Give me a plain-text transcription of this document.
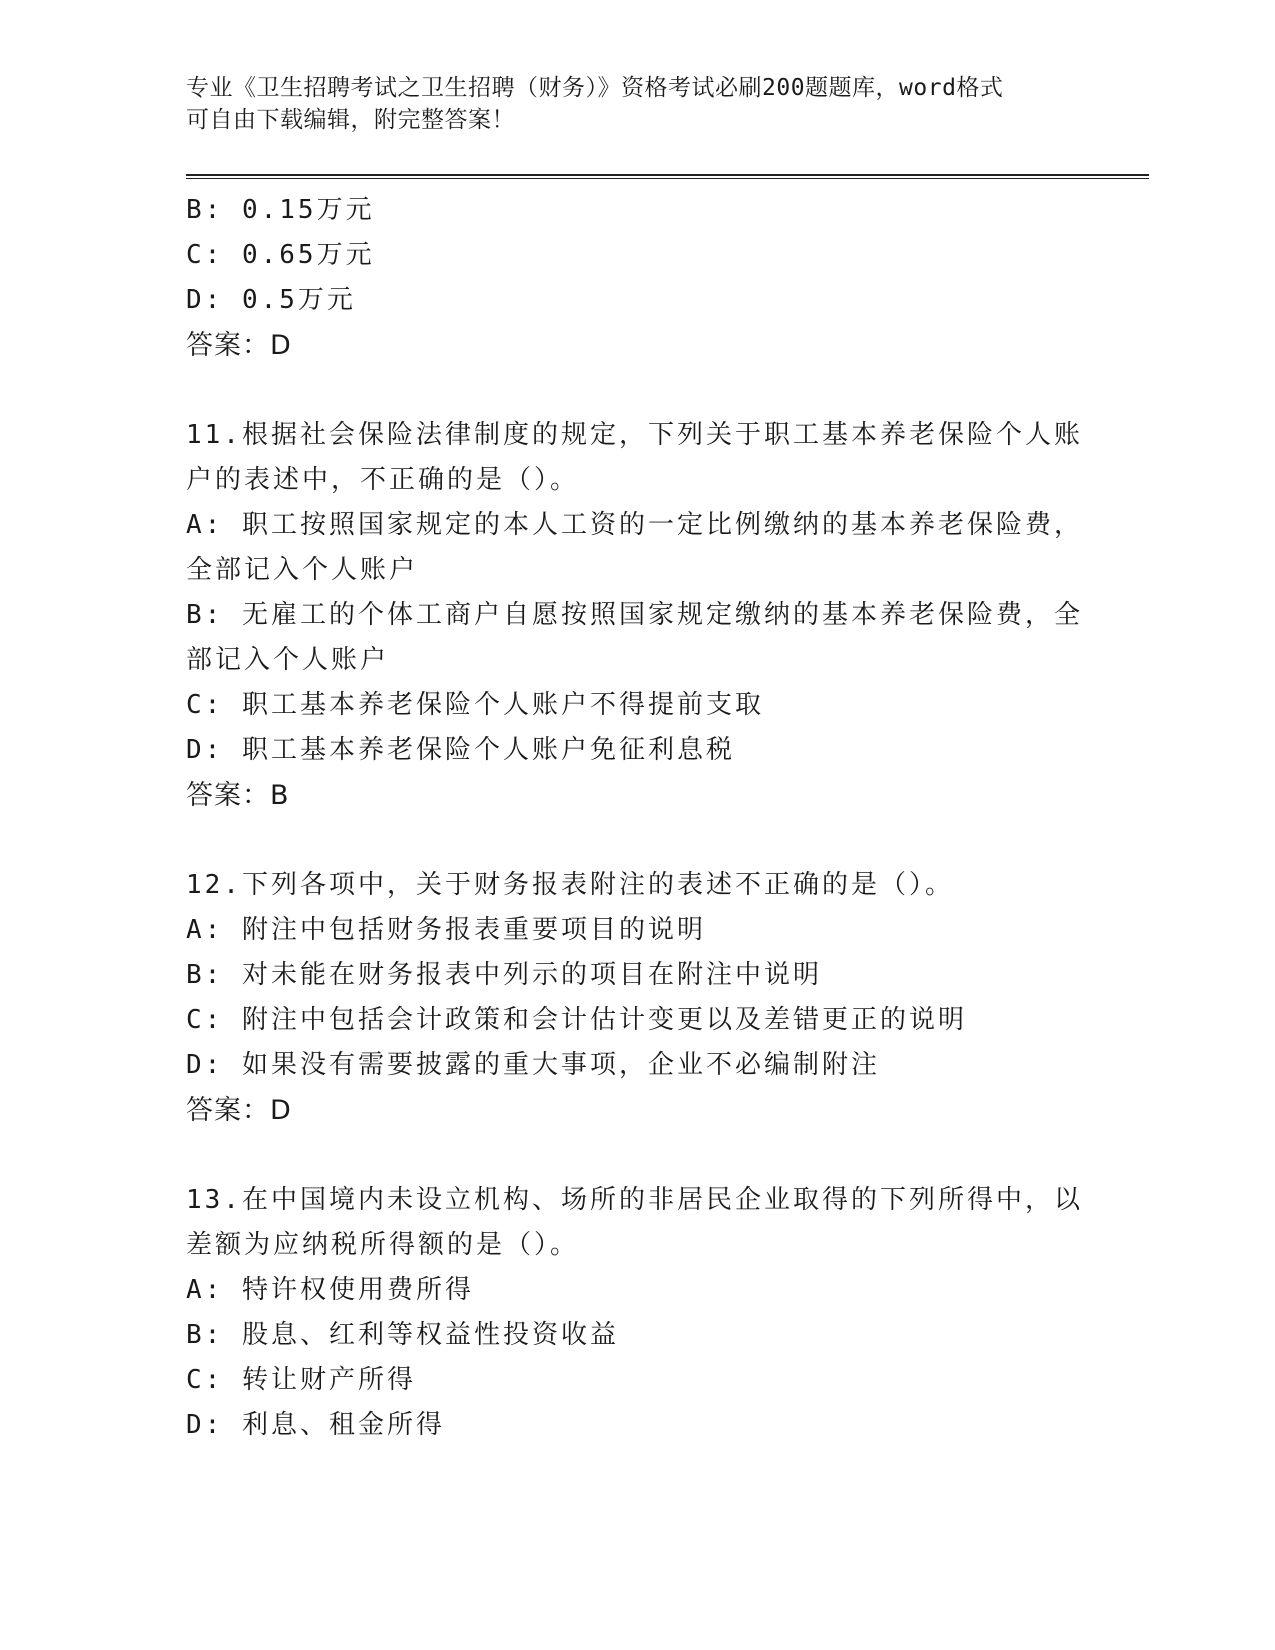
专业《卫生招聘考试之卫生招聘（财务）》资格考试必刷200题题库，word格式
可自由下载编辑，附完整答案！
B: 0.15万元
C: 0.65万元
D: 0.5万元
答案：D
11.根据社会保险法律制度的规定，下列关于职工基本养老保险个人账
户的表述中，不正确的是（）。
A: 职工按照国家规定的本人工资的一定比例缴纳的基本养老保险费，
全部记入个人账户
B: 无雇工的个体工商户自愿按照国家规定缴纳的基本养老保险费，全
部记入个人账户
C: 职工基本养老保险个人账户不得提前支取
D: 职工基本养老保险个人账户免征利息税
答案：B
12.下列各项中，关于财务报表附注的表述不正确的是（）。
A: 附注中包括财务报表重要项目的说明
B: 对未能在财务报表中列示的项目在附注中说明
C: 附注中包括会计政策和会计估计变更以及差错更正的说明
D: 如果没有需要披露的重大事项，企业不必编制附注
答案：D
13.在中国境内未设立机构、场所的非居民企业取得的下列所得中，以
差额为应纳税所得额的是（）。
A: 特许权使用费所得
B: 股息、红利等权益性投资收益
C: 转让财产所得
D: 利息、租金所得
